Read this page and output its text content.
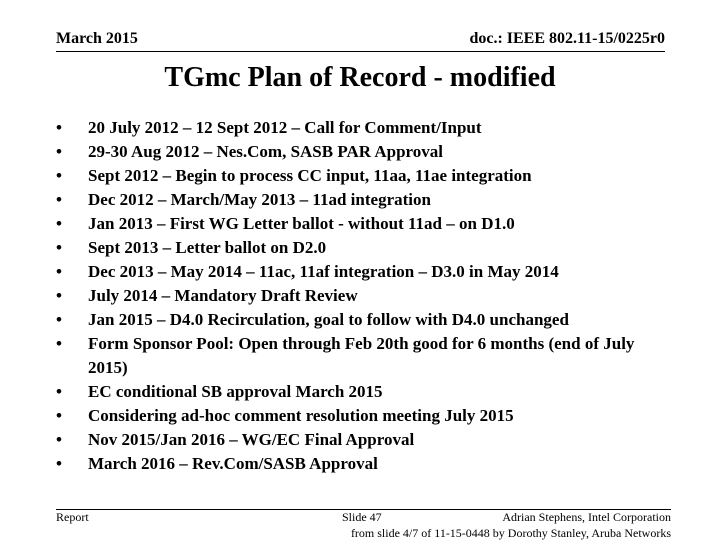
March 2015	doc.: IEEE 802.11-15/0225r0
TGmc Plan of Record - modified
• 20 July 2012 – 12 Sept 2012 – Call for Comment/Input
• 29-30 Aug 2012 – Nes.Com, SASB PAR Approval
• Sept 2012 – Begin to process CC input, 11aa, 11ae integration
• Dec 2012 – March/May 2013 – 11ad integration
• Jan 2013 – First WG Letter ballot - without 11ad – on D1.0
• Sept 2013 – Letter ballot on D2.0
• Dec 2013 – May 2014 – 11ac, 11af integration – D3.0 in May 2014
• July 2014 – Mandatory Draft Review
• Jan 2015 – D4.0 Recirculation, goal to follow with D4.0 unchanged
• Form Sponsor Pool: Open through Feb 20th good for 6 months (end of July 2015)
• EC conditional SB approval March 2015
• Considering ad-hoc comment resolution meeting July 2015
• Nov 2015/Jan 2016 – WG/EC Final Approval
• March 2016 – Rev.Com/SASB Approval
Report	Slide 47	Adrian Stephens, Intel Corporation
from slide 4/7 of 11-15-0448 by Dorothy Stanley, Aruba Networks
